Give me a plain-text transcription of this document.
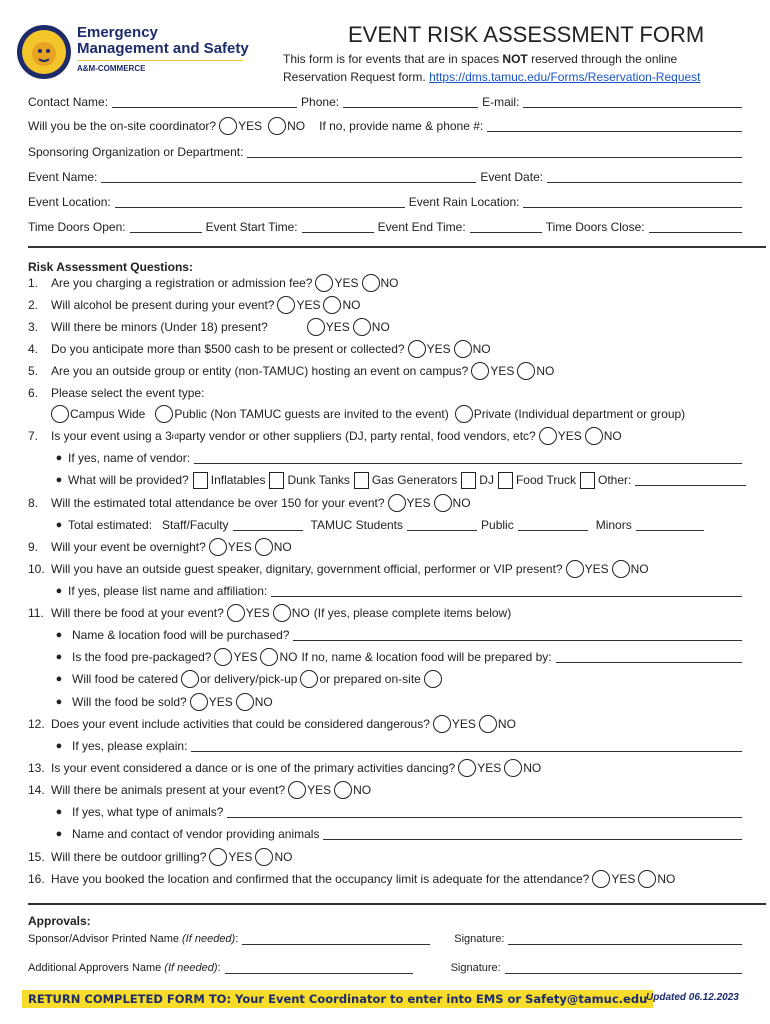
Emergency
Management and Safety
A&M-COMMERCE
EVENT RISK ASSESSMENT FORM
This form is for events that are in spaces NOT reserved through the online
Reservation Request form. https://dms.tamuc.edu/Forms/Reservation-Request
Contact Name:	Phone:	E-mail:
Will you be the on-site coordinator? YES NO If no, provide name & phone #:
Sponsoring Organization or Department:
Event Name:	Event Date:
Event Location:	Event Rain Location:
Time Doors Open:	Event Start Time:	Event End Time:	Time Doors Close:
Risk Assessment Questions:
1.	Are you charging a registration or admission fee? YES NO
2.	Will alcohol be present during your event? YES NO
3.	Will there be minors (Under 18) present?	YES NO
4.	Do you anticipate more than $500 cash to be present or collected? YES NO
5.	Are you an outside group or entity (non-TAMUC) hosting an event on campus? YES NO
6.	Please select the event type:
Campus Wide Public (Non TAMUC guests are invited to the event) Private (Individual department or group)
7.	Is your event using a 3 rd party vendor or other suppliers (DJ, party rental, food vendors, etc? YES NO
● If yes, name of vendor:
● What will be provided? Inflatables Dunk Tanks Gas Generators DJ Food Truck Other:
8.	Will the estimated total attendance be over 150 for your event? YES NO
● Total estimated: Staff/Faculty	TAMUC Students	Public	Minors
9.	Will your event be overnight? YES NO
10. Will you have an outside guest speaker, dignitary, government official, performer or VIP present? YES NO
● If yes, please list name and affiliation:
11. Will there be food at your event? YES NO (If yes, please complete items below)
● Name & location food will be purchased?
● Is the food pre-packaged? YES NO If no, name & location food will be prepared by:
● Will food be catered or delivery/pick-up or prepared on-site
● Will the food be sold? YES NO
12. Does your event include activities that could be considered dangerous? YES NO
● If yes, please explain:
13. Is your event considered a dance or is one of the primary activities dancing? YES NO
14. Will there be animals present at your event? YES NO
● If yes, what type of animals?
● Name and contact of vendor providing animals
15. Will there be outdoor grilling? YES NO
16. Have you booked the location and confirmed that the occupancy limit is adequate for the attendance? YES NO
Approvals:
Sponsor/Advisor Printed Name (If needed) :	Signature:
Additional Approvers Name (If needed) :	Signature:
RETURN COMPLETED FORM TO: Your Event Coordinator to enter into EMS or Safety@tamuc.edu
Updated 06.12.2023
